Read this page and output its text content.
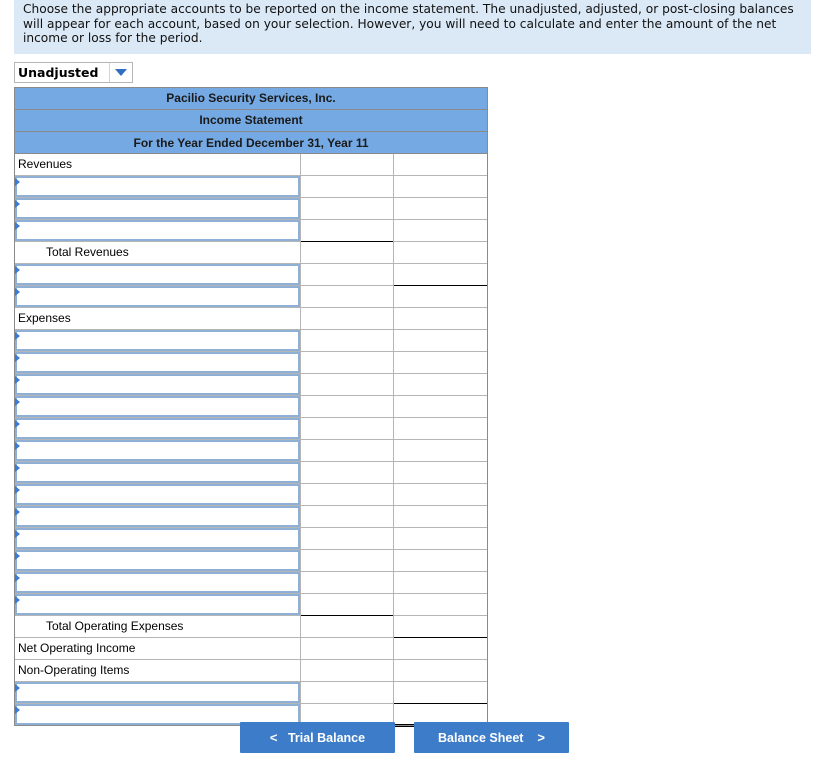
Choose the appropriate accounts to be reported on the income statement. The unadjusted, adjusted, or post-closing balances will appear for each account, based on your selection. However, you will need to calculate and enter the amount of the net income or loss for the period.
Unadjusted
Pacilio Security Services, Inc.
Income Statement
For the Year Ended December 31, Year 11
Revenues
Total Revenues
Expenses
Total Operating Expenses
Net Operating Income
Non-Operating Items
< Trial Balance	Balance Sheet >
